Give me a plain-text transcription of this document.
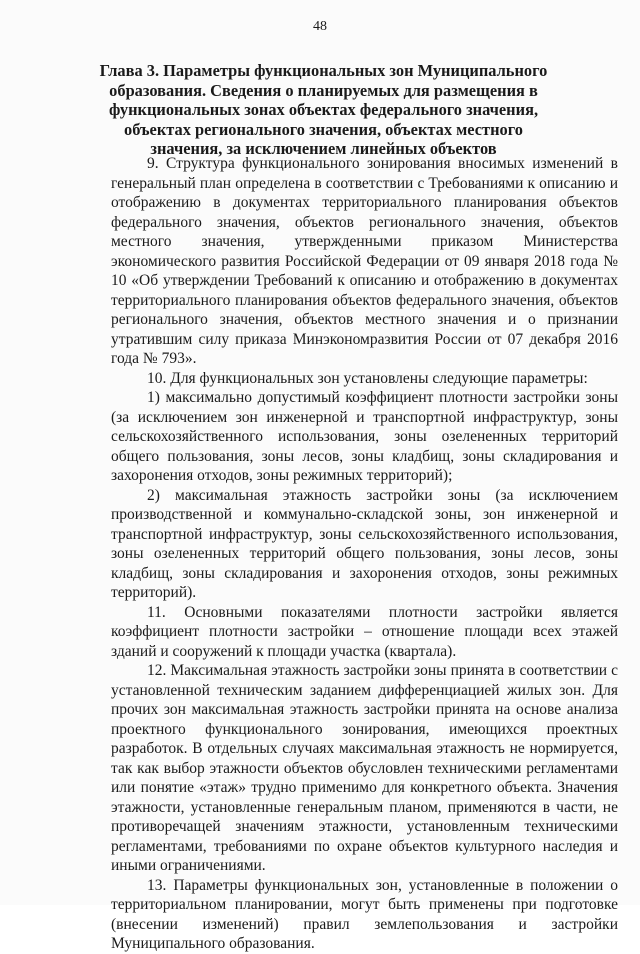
48
Глава 3. Параметры функциональных зон Муниципального образования. Сведения о планируемых для размещения в функциональных зонах объектах федерального значения, объектах регионального значения, объектах местного значения, за исключением линейных объектов

9. Структура функционального зонирования вносимых изменений в генеральный план определена в соответствии с Требованиями к описанию и отображению в документах территориального планирования объектов федерального значения, объектов регионального значения, объектов местного значения, утвержденными приказом Министерства экономического развития Российской Федерации от 09 января 2018 года № 10 «Об утверждении Требований к описанию и отображению в документах территориального планирования объектов федерального значения, объектов регионального значения, объектов местного значения и о признании утратившим силу приказа Минэкономразвития России от 07 декабря 2016 года № 793».

10. Для функциональных зон установлены следующие параметры:

1) максимально допустимый коэффициент плотности застройки зоны (за исключением зон инженерной и транспортной инфраструктур, зоны сельскохозяйственного использования, зоны озелененных территорий общего пользования, зоны лесов, зоны кладбищ, зоны складирования и захоронения отходов, зоны режимных территорий);

2) максимальная этажность застройки зоны (за исключением производственной и коммунально-складской зоны, зон инженерной и транспортной инфраструктур, зоны сельскохозяйственного использования, зоны озелененных территорий общего пользования, зоны лесов, зоны кладбищ, зоны складирования и захоронения отходов, зоны режимных территорий).

11. Основными показателями плотности застройки является коэффициент плотности застройки – отношение площади всех этажей зданий и сооружений к площади участка (квартала).

12. Максимальная этажность застройки зоны принята в соответствии с установленной техническим заданием дифференциацией жилых зон. Для прочих зон максимальная этажность застройки принята на основе анализа проектного функционального зонирования, имеющихся проектных разработок. В отдельных случаях максимальная этажность не нормируется, так как выбор этажности объектов обусловлен техническими регламентами или понятие «этаж» трудно применимо для конкретного объекта. Значения этажности, установленные генеральным планом, применяются в части, не противоречащей значениям этажности, установленным техническими регламентами, требованиями по охране объектов культурного наследия и иными ограничениями.

13. Параметры функциональных зон, установленные в положении о территориальном планировании, могут быть применены при подготовке (внесении изменений) правил землепользования и застройки Муниципального образования.
